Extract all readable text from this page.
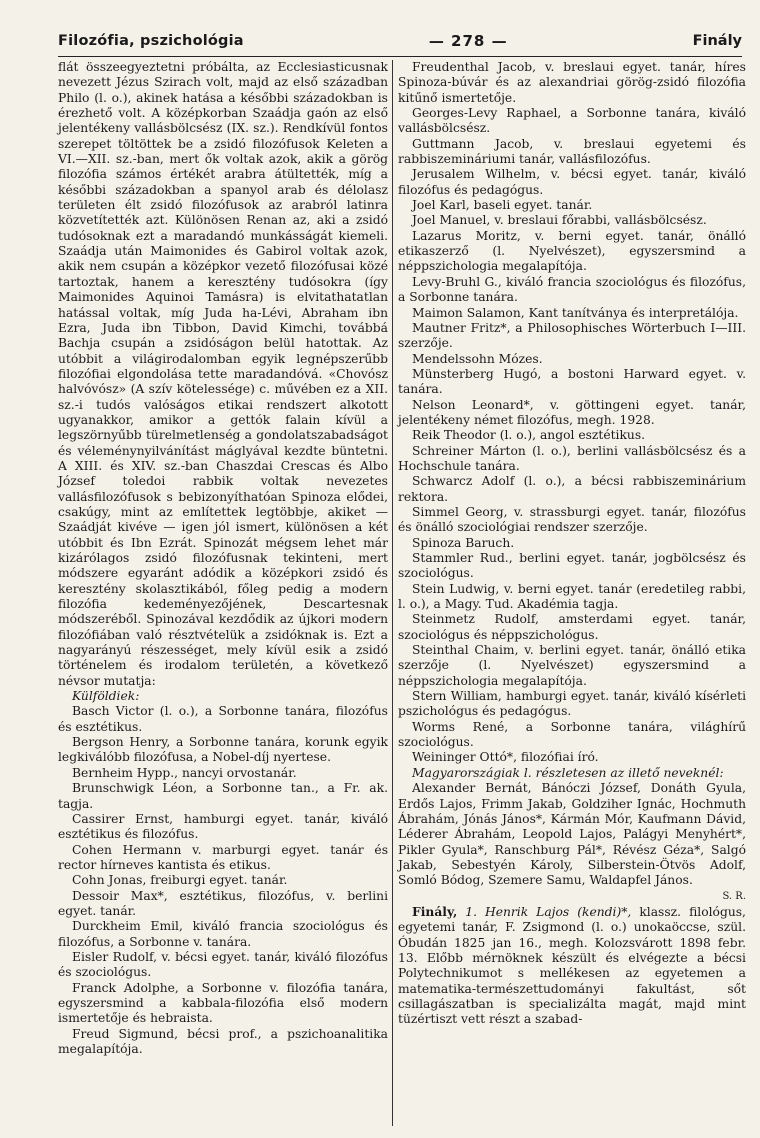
Filozófia, pszichológia	— 278 —	Finály

flát összeegyeztetni próbálta, az Ecclesiasticusnak nevezett Jézus Szirach volt, majd az első században Philo (l. o.), akinek hatása a későbbi századokban is érezhető volt. A középkorban Szaádja gaón az első jelentékeny vallásbölcsész (IX. sz.). Rendkívül fontos szerepet töltöttek be a zsidó filozófusok Keleten a VI.—XII. sz.-ban, mert ők voltak azok, akik a görög filozófia számos értékét arabra átültették, míg a későbbi századokban a spanyol arab és délolasz területen élt zsidó filozófusok az arabról latinra közvetítették azt. Különösen Renan az, aki a zsidó tudósoknak ezt a maradandó munkásságát kiemeli. Szaádja után Maimonides és Gabirol voltak azok, akik nem csupán a középkor vezető filozófusai közé tartoztak, hanem a keresztény tudósokra (így Maimonides Aquinoi Tamásra) is elvitathatatlan hatással voltak, míg Juda ha-Lévi, Abraham ibn Ezra, Juda ibn Tibbon, David Kimchi, továbbá Bachja csupán a zsidóságon belül hatottak. Az utóbbit a világirodalomban egyik legnépszerűbb filozófiai elgondolása tette maradandóvá. «Chovósz halvóvósz» (A szív kötelessége) c. művében ez a XII. sz.-i tudós valóságos etikai rendszert alkotott ugyanakkor, amikor a gettók falain kívül a legszörnyűbb türelmetlenség a gondolatszabadságot és véleménynyilvánítást máglyával kezdte büntetni. A XIII. és XIV. sz.-ban Chaszdai Crescas és Albo József toledoi rabbik voltak nevezetes vallásfilozófusok s bebizonyíthatóan Spinoza elődei, csakúgy, mint az említettek legtöbbje, akiket — Szaádját kivéve — igen jól ismert, különösen a két utóbbit és Ibn Ezrát. Spinozát mégsem lehet már kizárólagos zsidó filozófusnak tekinteni, mert módszere egyaránt adódik a középkori zsidó és keresztény skolasztikából, főleg pedig a modern filozófia kedeményezőjének, Descartesnak módszeréből. Spinozával kezdődik az újkori modern filozófiában való résztvételük a zsidóknak is. Ezt a nagyarányú részességet, mely kívül esik a zsidó történelem és irodalom területén, a következő névsor mutatja:

Külföldiek:

Basch Victor (l. o.), a Sorbonne tanára, filozófus és esztétikus.

Bergson Henry, a Sorbonne tanára, korunk egyik legkiválóbb filozófusa, a Nobel-díj nyertese.

Bernheim Hypp., nancyi orvostanár.

Brunschwigk Léon, a Sorbonne tan., a Fr. ak. tagja.

Cassirer Ernst, hamburgi egyet. tanár, kiváló esztétikus és filozófus.

Cohen Hermann v. marburgi egyet. tanár és rector hírneves kantista és etikus.

Cohn Jonas, freiburgi egyet. tanár.

Dessoir Max*, esztétikus, filozófus, v. berlini egyet. tanár.

Durckheim Emil, kiváló francia szociológus és filozófus, a Sorbonne v. tanára.

Eisler Rudolf, v. bécsi egyet. tanár, kiváló filozófus és szociológus.

Franck Adolphe, a Sorbonne v. filozófia tanára, egyszersmind a kabbala-filozófia első modern ismertetője és hebraista.

Freud Sigmund, bécsi prof., a pszichoanalitika megalapítója.

Freudenthal Jacob, v. breslaui egyet. tanár, híres Spinoza-búvár és az alexandriai görög-zsidó filozófia kitűnő ismertetője.

Georges-Levy Raphael, a Sorbonne tanára, kiváló vallásbölcsész.

Guttmann Jacob, v. breslaui egyetemi és rabbiszemináriumi tanár, vallásfilozófus.

Jerusalem Wilhelm, v. bécsi egyet. tanár, kiváló filozófus és pedagógus.

Joel Karl, baseli egyet. tanár.

Joel Manuel, v. breslaui főrabbi, vallásbölcsész.

Lazarus Moritz, v. berni egyet. tanár, önálló etikaszerző (l. Nyelvészet), egyszersmind a néppszichologia megalapítója.

Levy-Bruhl G., kiváló francia szociológus és filozófus, a Sorbonne tanára.

Maimon Salamon, Kant tanítványa és interpretálója.

Mautner Fritz*, a Philosophisches Wörterbuch I—III. szerzője.

Mendelssohn Mózes.

Münsterberg Hugó, a bostoni Harward egyet. v. tanára.

Nelson Leonard*, v. göttingeni egyet. tanár, jelentékeny német filozófus, megh. 1928.

Reik Theodor (l. o.), angol esztétikus.

Schreiner Márton (l. o.), berlini vallásbölcsész és a Hochschule tanára.

Schwarcz Adolf (l. o.), a bécsi rabbiszeminárium rektora.

Simmel Georg, v. strassburgi egyet. tanár, filozófus és önálló szociológiai rendszer szerzője.

Spinoza Baruch.

Stammler Rud., berlini egyet. tanár, jogbölcsész és szociológus.

Stein Ludwig, v. berni egyet. tanár (eredetileg rabbi, l. o.), a Magy. Tud. Akadémia tagja.

Steinmetz Rudolf, amsterdami egyet. tanár, szociológus és néppszichológus.

Steinthal Chaim, v. berlini egyet. tanár, önálló etika szerzője (l. Nyelvészet) egyszersmind a néppszichologia megalapítója.

Stern William, hamburgi egyet. tanár, kiváló kísérleti pszichológus és pedagógus.

Worms René, a Sorbonne tanára, világhírű szociológus.

Weininger Ottó*, filozófiai író.

Magyarországiak l. részletesen az illető neveknél:

Alexander Bernát, Bánóczi József, Donáth Gyula, Erdős Lajos, Frimm Jakab, Goldziher Ignác, Hochmuth Ábrahám, Jónás János*, Kármán Mór, Kaufmann Dávid, Léderer Ábrahám, Leopold Lajos, Palágyi Menyhért*, Pikler Gyula*, Ranschburg Pál*, Révész Géza*, Salgó Jakab, Sebestyén Károly, Silberstein-Ötvös Adolf, Somló Bódog, Szemere Samu, Waldapfel János.

S. R.

Finály, 1. Henrik Lajos (kendi)*, klassz. filológus, egyetemi tanár, F. Zsigmond (l. o.) unokaöccse, szül. Óbudán 1825 jan 16., megh. Kolozsvárott 1898 febr. 13. Előbb mérnöknek készült és elvégezte a bécsi Polytechnikumot s mellékesen az egyetemen a matematika-természettudományi fakultást, sőt csillagászatban is specializálta magát, majd mint tüzértiszt vett részt a szabad-
